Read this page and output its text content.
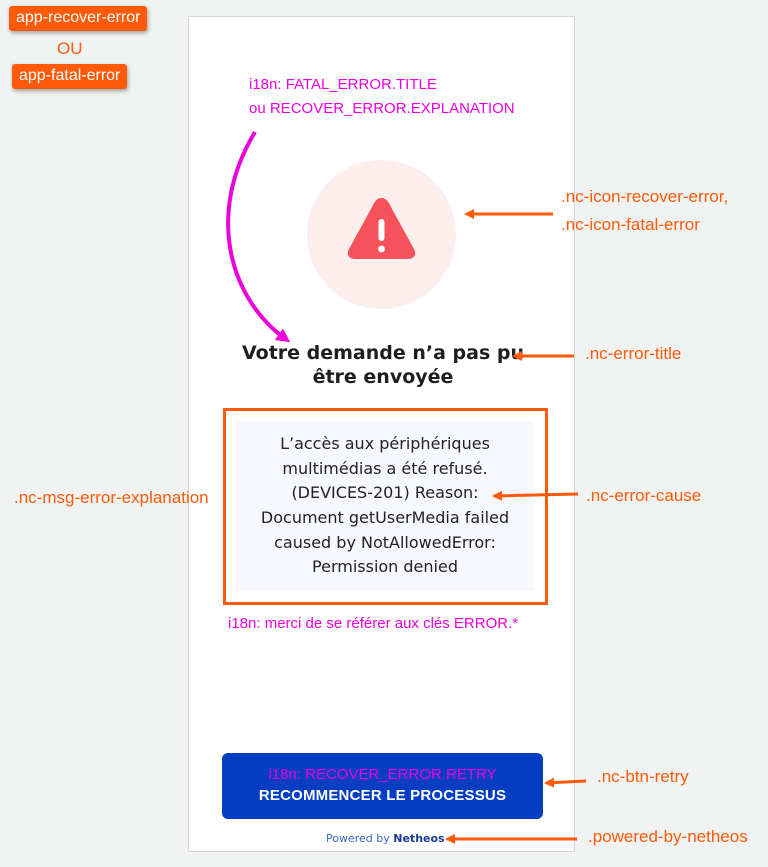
app-recover-error
OU
app-fatal-error
Votre demande n’a pas pu être envoyée
L’accès aux périphériques
multimédias a été refusé.
(DEVICES-201) Reason:
Document getUserMedia failed
caused by NotAllowedError:
Permission denied
i18n: merci de se référer aux clés ERROR.*
i18n: RECOVER_ERROR.RETRY
RECOMMENCER LE PROCESSUS
Powered by Netheos
i18n: FATAL_ERROR.TITLE
ou RECOVER_ERROR.EXPLANATION
.nc-icon-recover-error,
.nc-icon-fatal-error
.nc-error-title
.nc-msg-error-explanation	.nc-error-cause
.nc-btn-retry
.powered-by-netheos
